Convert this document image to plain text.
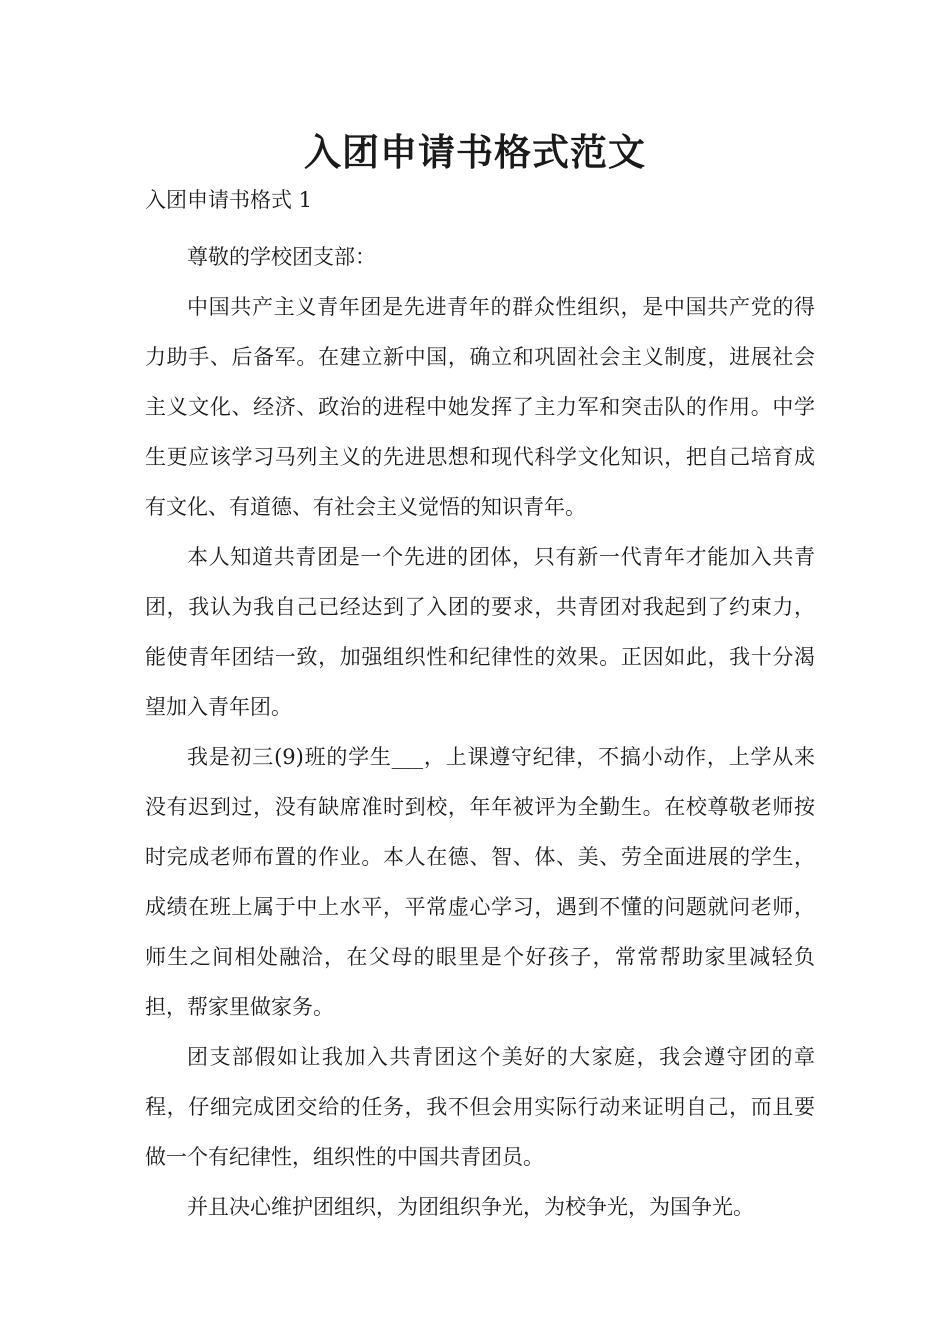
入团申请书格式范文

入团申请书格式 1

尊敬的学校团支部：

中国共产主义青年团是先进青年的群众性组织，是中国共产党的得力助手、后备军。在建立新中国，确立和巩固社会主义制度，进展社会主义文化、经济、政治的进程中她发挥了主力军和突击队的作用。中学生更应该学习马列主义的先进思想和现代科学文化知识，把自己培育成有文化、有道德、有社会主义觉悟的知识青年。

本人知道共青团是一个先进的团体，只有新一代青年才能加入共青团，我认为我自己已经达到了入团的要求，共青团对我起到了约束力，能使青年团结一致，加强组织性和纪律性的效果。正因如此，我十分渴望加入青年团。

我是初三(9)班的学生___，上课遵守纪律，不搞小动作，上学从来没有迟到过，没有缺席准时到校，年年被评为全勤生。在校尊敬老师按时完成老师布置的作业。本人在德、智、体、美、劳全面进展的学生，成绩在班上属于中上水平，平常虚心学习，遇到不懂的问题就问老师，师生之间相处融洽，在父母的眼里是个好孩子，常常帮助家里减轻负担，帮家里做家务。

团支部假如让我加入共青团这个美好的大家庭，我会遵守团的章程，仔细完成团交给的任务，我不但会用实际行动来证明自己，而且要做一个有纪律性，组织性的中国共青团员。

并且决心维护团组织，为团组织争光，为校争光，为国争光。
